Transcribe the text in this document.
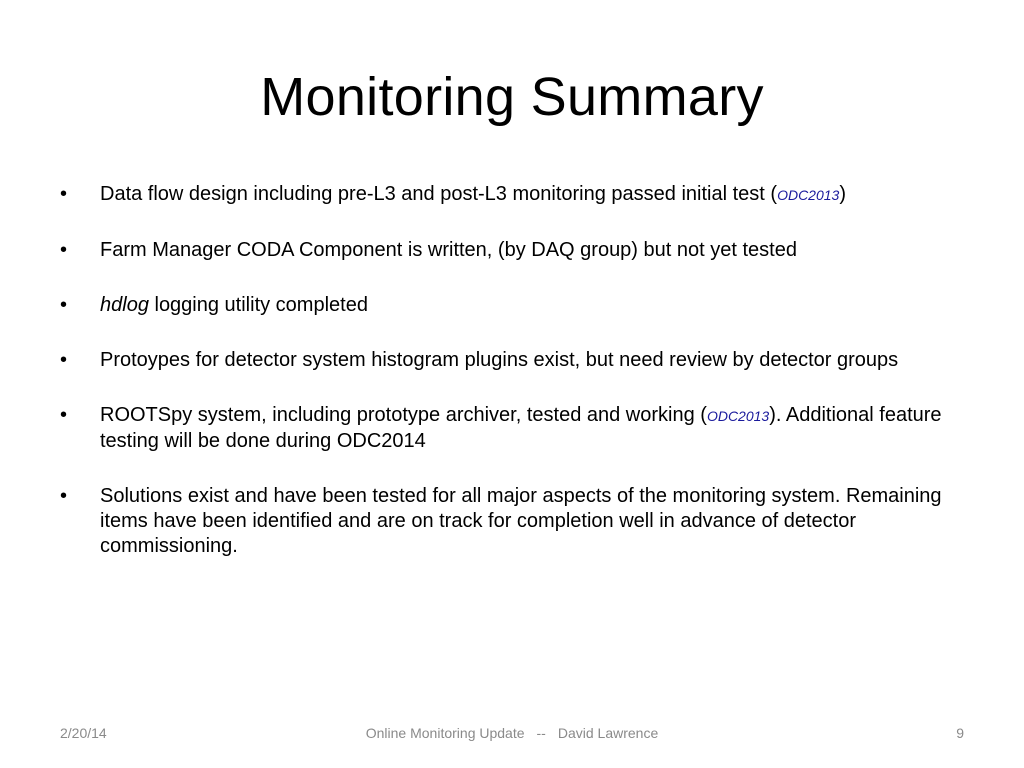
Monitoring Summary
•	Data flow design including pre-L3 and post-L3 monitoring passed initial test (ODC2013)
•	Farm Manager CODA Component is written, (by DAQ group) but not yet tested
•	hdlog logging utility completed
•	Protoypes for detector system histogram plugins exist, but need review by detector groups
•	ROOTSpy system, including prototype archiver, tested and working (ODC2013). Additional feature testing will be done during ODC2014
•	Solutions exist and have been tested for all major aspects of the monitoring system. Remaining items have been identified and are on track for completion well in advance of detector commissioning.
2/20/14	Online Monitoring Update -- David Lawrence	9
